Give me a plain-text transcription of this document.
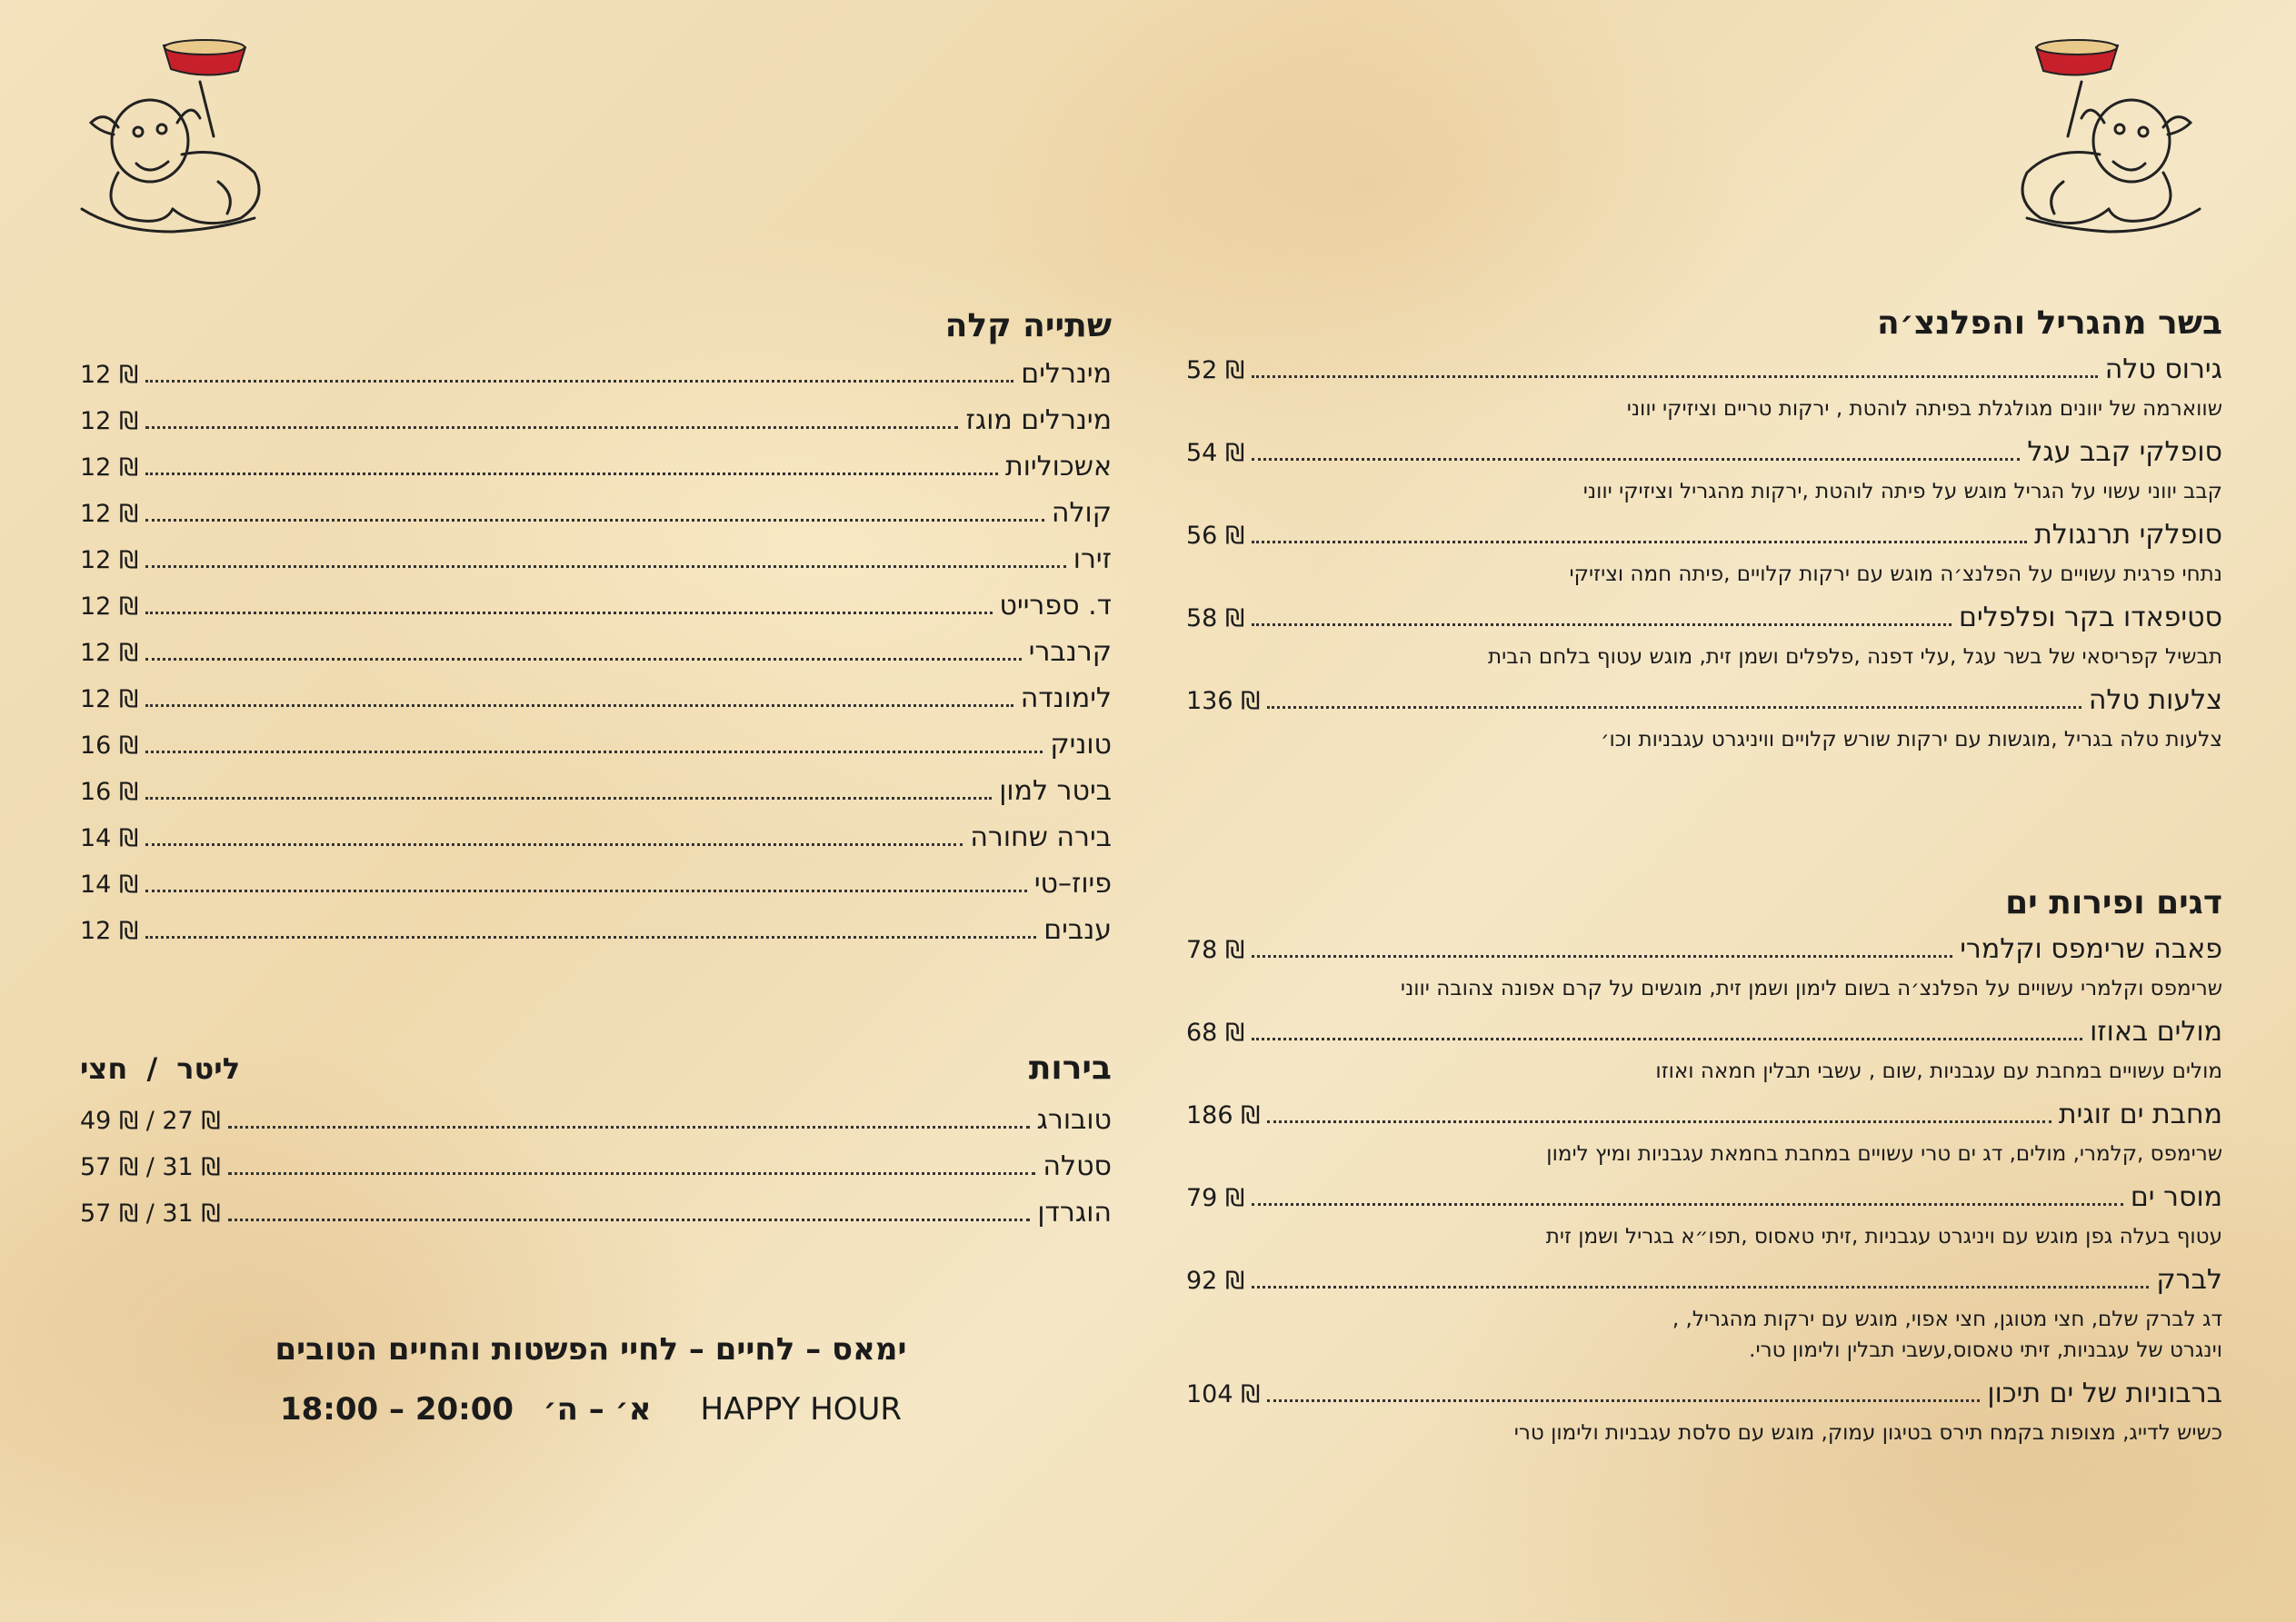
בשר מהגריל והפלנצ׳ה
גירוס טלה
52 ₪
שווארמה של יוונים מגולגלת בפיתה לוהטת , ירקות טריים וציזיקי יווני
סופלקי קבב עגל
54 ₪
קבב יווני עשוי על הגריל מוגש על פיתה לוהטת ,ירקות מהגריל וציזיקי יווני
סופלקי תרנגולת
56 ₪
נתחי פרגית עשויים על הפלנצ׳ה מוגש עם ירקות קלויים ,פיתה חמה וציזיקי
סטיפאדו בקר ופלפלים
58 ₪
תבשיל קפריסאי של בשר עגל ,עלי דפנה ,פלפלים ושמן זית, מוגש עטוף בלחם הבית
צלעות טלה
136 ₪
צלעות טלה בגריל ,מוגשות עם ירקות שורש קלויים וויניגרט עגבניות וכו׳
דגים ופירות ים
פאבה שרימפס וקלמרי
78 ₪
שרימפס וקלמרי עשויים על הפלנצ׳ה בשום לימון ושמן זית, מוגשים על קרם אפונה צהובה יווני
מולים באוזו
68 ₪
מולים עשויים במחבת עם עגבניות ,שום , עשבי תבלין חמאה ואוזו
מחבת ים זוגית
186 ₪
שרימפס ,קלמרי, מולים, דג ים טרי עשויים במחבת בחמאת עגבניות ומיץ לימון
מוסר ים
79 ₪
עטוף בעלה גפן מוגש עם ויניגרט עגבניות ,זיתי טאסוס ,תפו״א בגריל ושמן זית
לברק
92 ₪
דג לברק שלם, חצי מטוגן, חצי אפוי, מוגש עם ירקות מהגריל, ,
וינגרט של עגבניות, זיתי טאסוס,עשבי תבלין ולימון טרי.
ברבוניות של ים תיכון
104 ₪
כשיש לדייג, מצופות בקמח תירס בטיגון עמוק, מוגש עם סלסת עגבניות ולימון טרי
שתייה קלה
מינרלים
12 ₪
מינרלים מוגז
12 ₪
אשכוליות
12 ₪
קולה
12 ₪
זירו
12 ₪
ד. ספרייט
12 ₪
קרנברי
12 ₪
לימונדה
12 ₪
טוניק
16 ₪
ביטר למון
16 ₪
בירה שחורה
14 ₪
פיוז–טי
14 ₪
ענבים
12 ₪
בירות
ליטר / חצי
טובורג
49 ₪ / 27 ₪
סטלה
57 ₪ / 31 ₪
הוגרדן
57 ₪ / 31 ₪
ימאס – לחיים – לחיי הפשטות והחיים הטובים
HAPPY HOUR     א׳ – ה׳   18:00 – 20:00
